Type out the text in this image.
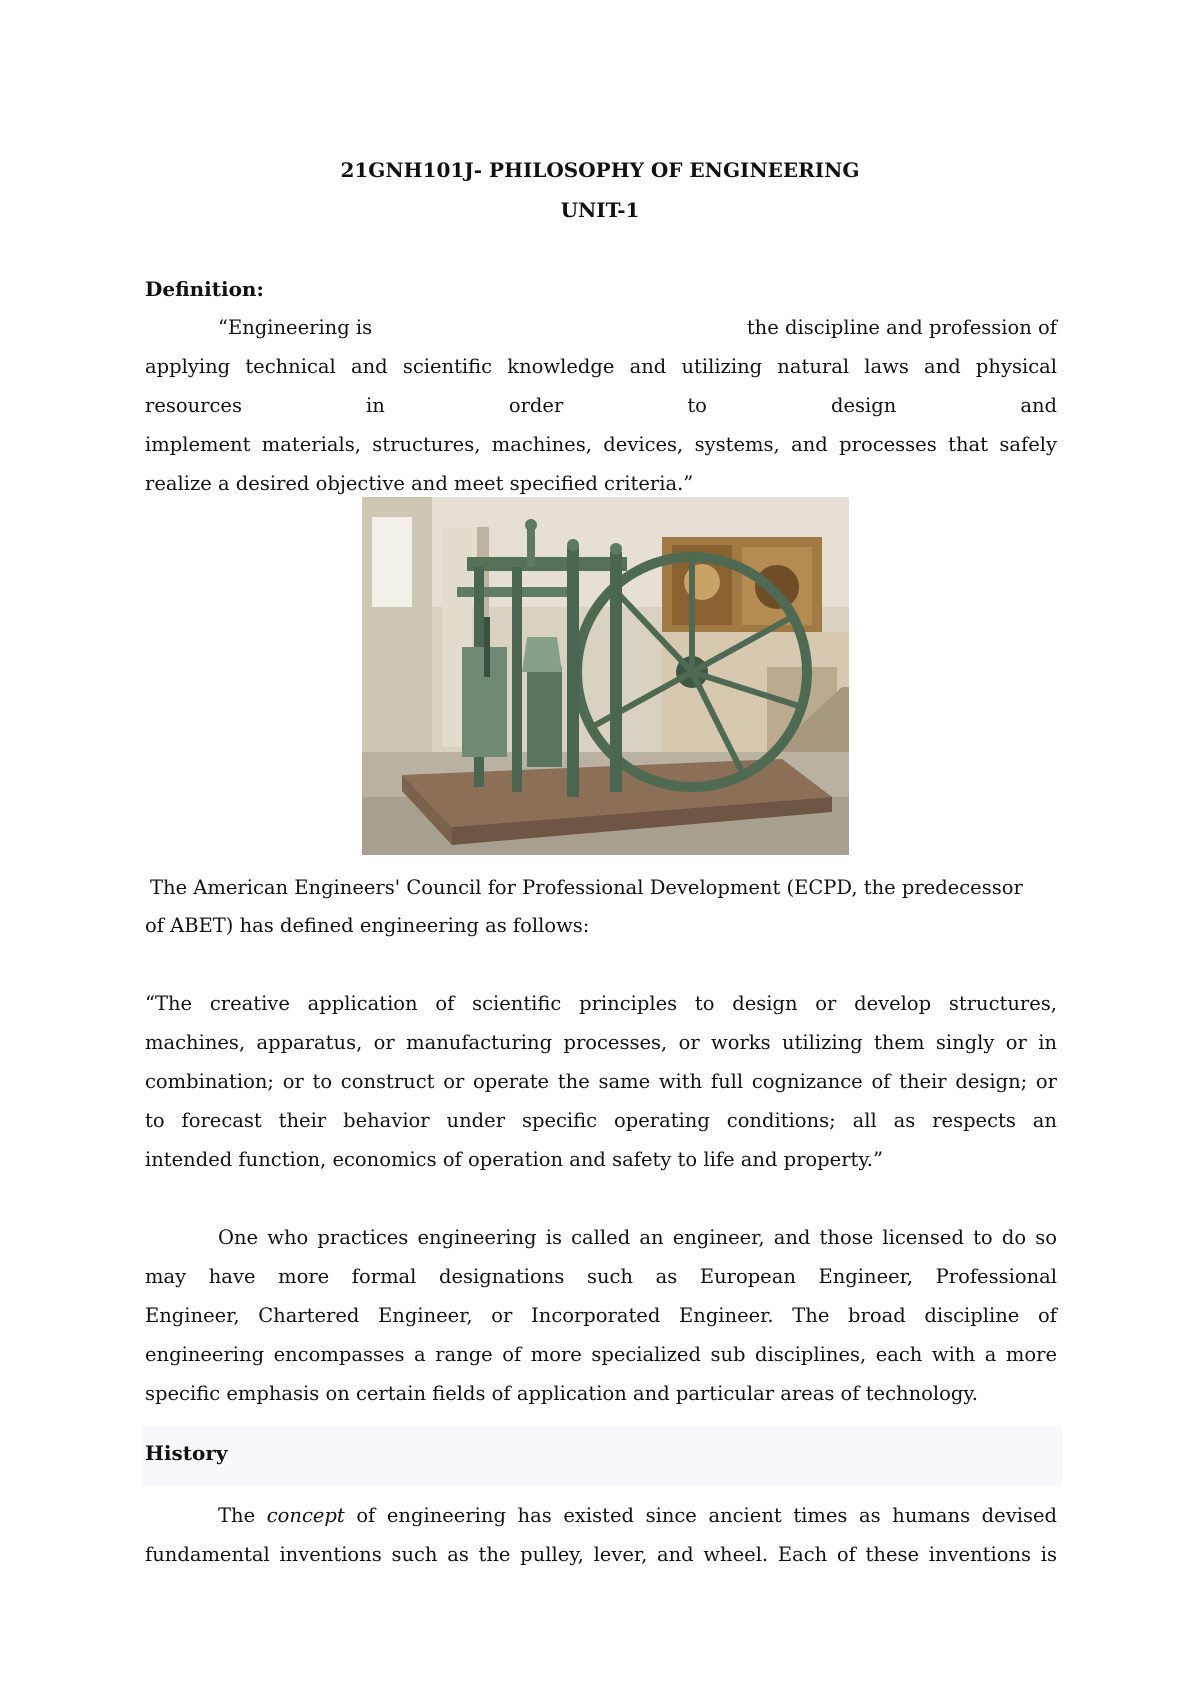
21GNH101J- PHILOSOPHY OF ENGINEERING
UNIT-1
Definition:
“Engineering is	the discipline and profession of
applying technical and scientific knowledge and utilizing natural laws and physical
resources in order to design and
implement materials, structures, machines, devices, systems, and processes that safely
realize a desired objective and meet specified criteria.”
The American Engineers' Council for Professional Development (ECPD, the predecessor
of ABET) has defined engineering as follows:
“The creative application of scientific principles to design or develop structures,
machines, apparatus, or manufacturing processes, or works utilizing them singly or in
combination; or to construct or operate the same with full cognizance of their design; or
to forecast their behavior under specific operating conditions; all as respects an
intended function, economics of operation and safety to life and property.”
One who practices engineering is called an engineer, and those licensed to do so
may have more formal designations such as European Engineer, Professional
Engineer, Chartered Engineer, or Incorporated Engineer. The broad discipline of
engineering encompasses a range of more specialized sub disciplines, each with a more
specific emphasis on certain fields of application and particular areas of technology.
History
The concept of engineering has existed since ancient times as humans devised
fundamental inventions such as the pulley, lever, and wheel. Each of these inventions is
